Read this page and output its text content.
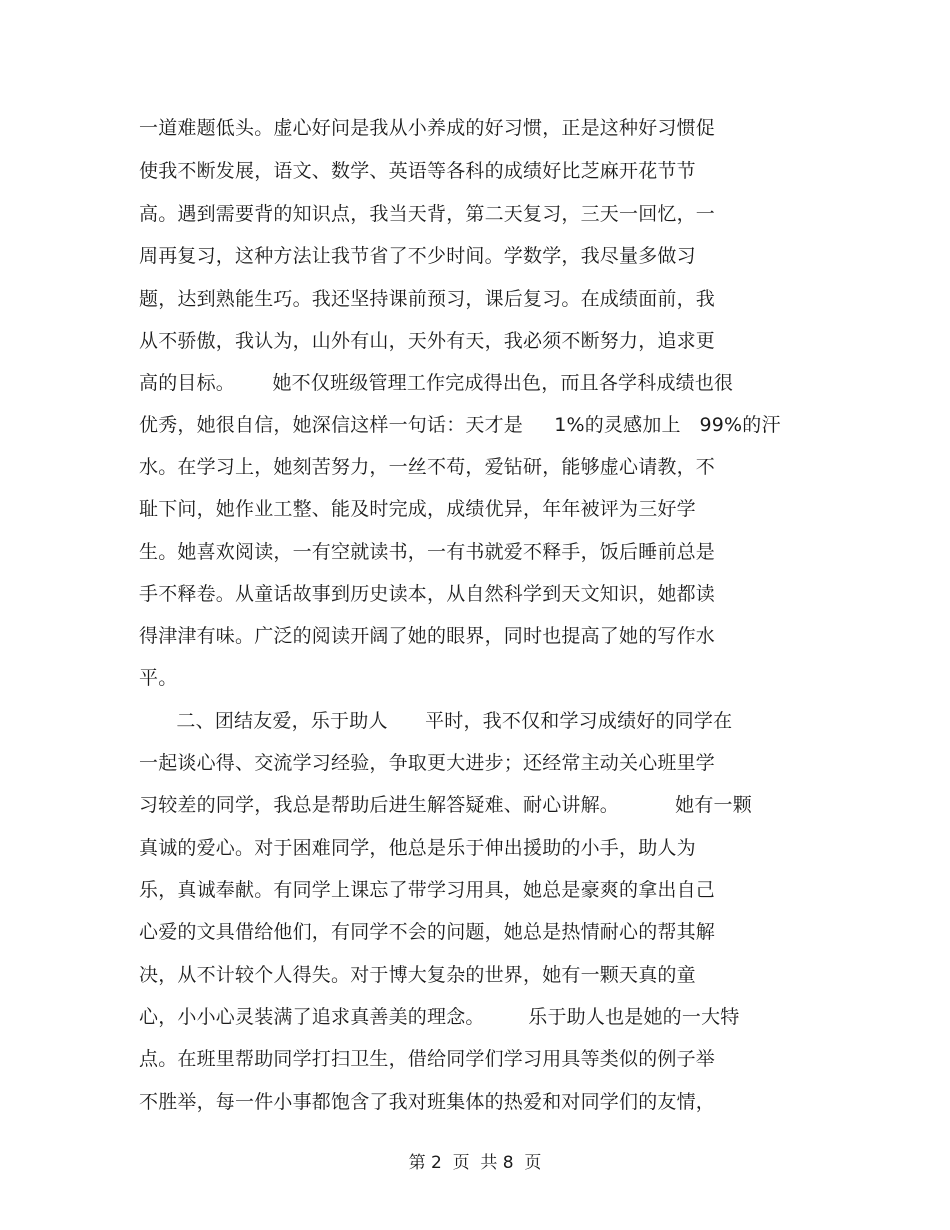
一道难题低头。虚心好问是我从小养成的好习惯，正是这种好习惯促
使我不断发展，语文、数学、英语等各科的成绩好比芝麻开花节节
高。遇到需要背的知识点，我当天背，第二天复习，三天一回忆，一
周再复习，这种方法让我节省了不少时间。学数学，我尽量多做习
题，达到熟能生巧。我还坚持课前预习，课后复习。在成绩面前，我
从不骄傲，我认为，山外有山，天外有天，我必须不断努力，追求更
高的目标。      她不仅班级管理工作完成得出色，而且各学科成绩也很
优秀，她很自信，她深信这样一句话：天才是     1%的灵感加上   99%的汗
水。在学习上，她刻苦努力，一丝不苟，爱钻研，能够虚心请教，不
耻下问，她作业工整、能及时完成，成绩优异，年年被评为三好学
生。她喜欢阅读，一有空就读书，一有书就爱不释手，饭后睡前总是
手不释卷。从童话故事到历史读本，从自然科学到天文知识，她都读
得津津有味。广泛的阅读开阔了她的眼界，同时也提高了她的写作水
平。
二、团结友爱，乐于助人      平时，我不仅和学习成绩好的同学在
一起谈心得、交流学习经验，争取更大进步；还经常主动关心班里学
习较差的同学，我总是帮助后进生解答疑难、耐心讲解。         她有一颗
真诚的爱心。对于困难同学，他总是乐于伸出援助的小手，助人为
乐，真诚奉献。有同学上课忘了带学习用具，她总是豪爽的拿出自己
心爱的文具借给他们，有同学不会的问题，她总是热情耐心的帮其解
决，从不计较个人得失。对于博大复杂的世界，她有一颗天真的童
心，小小心灵装满了追求真善美的理念。       乐于助人也是她的一大特
点。在班里帮助同学打扫卫生，借给同学们学习用具等类似的例子举
不胜举，每一件小事都饱含了我对班集体的热爱和对同学们的友情，
第 2  页  共 8  页
